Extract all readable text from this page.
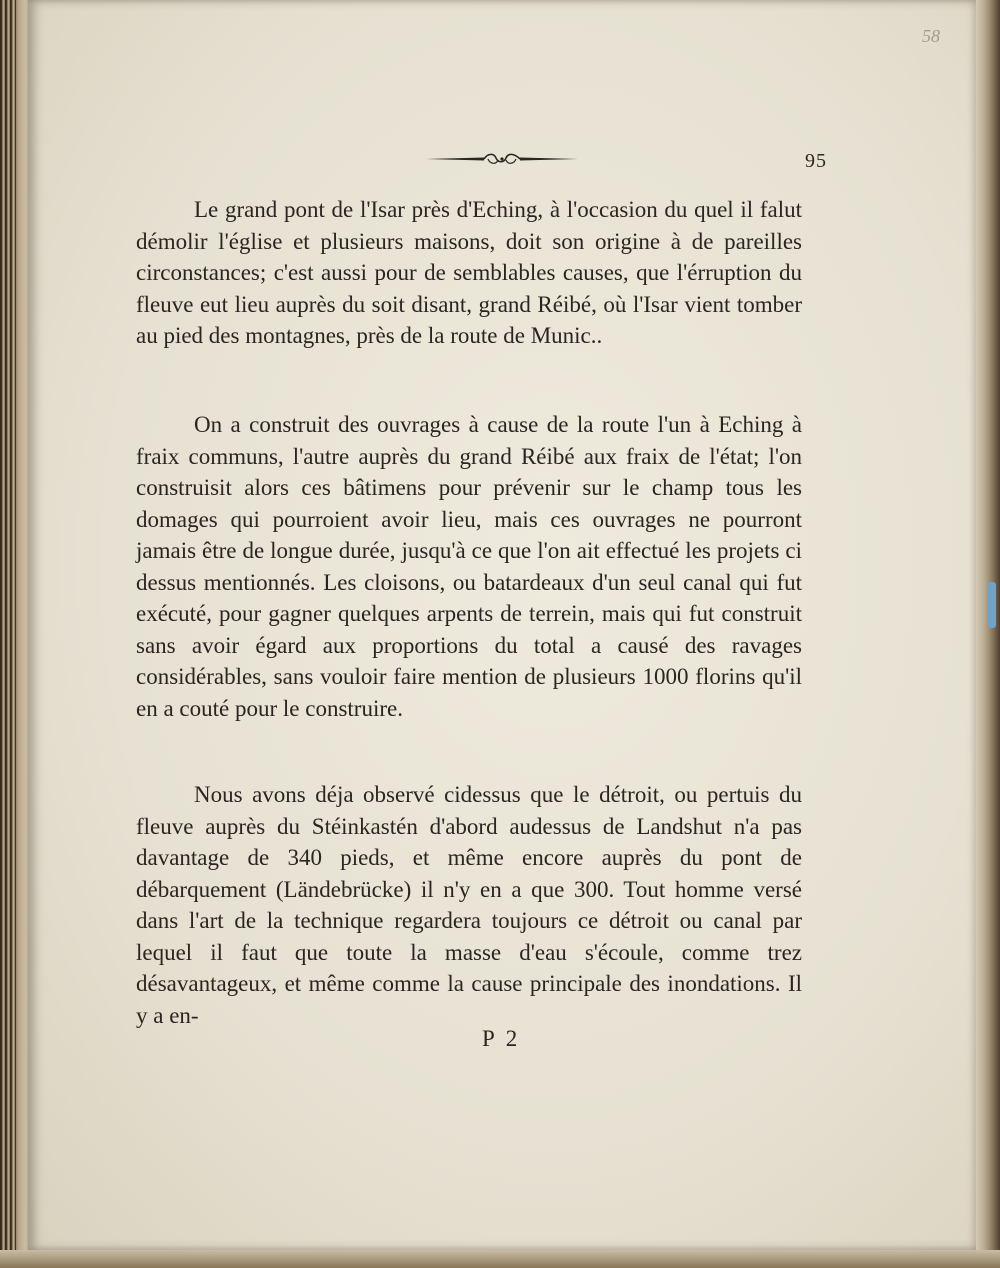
58
95

Le grand pont de l'Isar près d'Eching, à l'occasion du quel il falut démolir l'église et plusieurs maisons, doit son origine à de pareilles circonstances; c'est aussi pour de semblables causes, que l'érruption du fleuve eut lieu auprès du soit disant, grand Réibé, où l'Isar vient tomber au pied des montagnes, près de la route de Munic..

On a construit des ouvrages à cause de la route l'un à Eching à fraix communs, l'autre auprès du grand Réibé aux fraix de l'état; l'on construisit alors ces bâtimens pour prévenir sur le champ tous les domages qui pourroient avoir lieu, mais ces ouvrages ne pourront jamais être de longue durée, jusqu'à ce que l'on ait effectué les projets ci dessus mentionnés. Les cloisons, ou batardeaux d'un seul canal qui fut exécuté, pour gagner quelques arpents de terrein, mais qui fut construit sans avoir égard aux proportions du total a causé des ravages considérables, sans vouloir faire mention de plusieurs 1000 florins qu'il en a couté pour le construire.

Nous avons déja observé cidessus que le détroit, ou pertuis du fleuve auprès du Stéinkastén d'abord audessus de Landshut n'a pas davantage de 340 pieds, et même encore auprès du pont de débarquement (Ländebrücke) il n'y en a que 300. Tout homme versé dans l'art de la technique regardera toujours ce détroit ou canal par lequel il faut que toute la masse d'eau s'écoule, comme trez désavantageux, et même comme la cause principale des inondations. Il y a en-

P 2
